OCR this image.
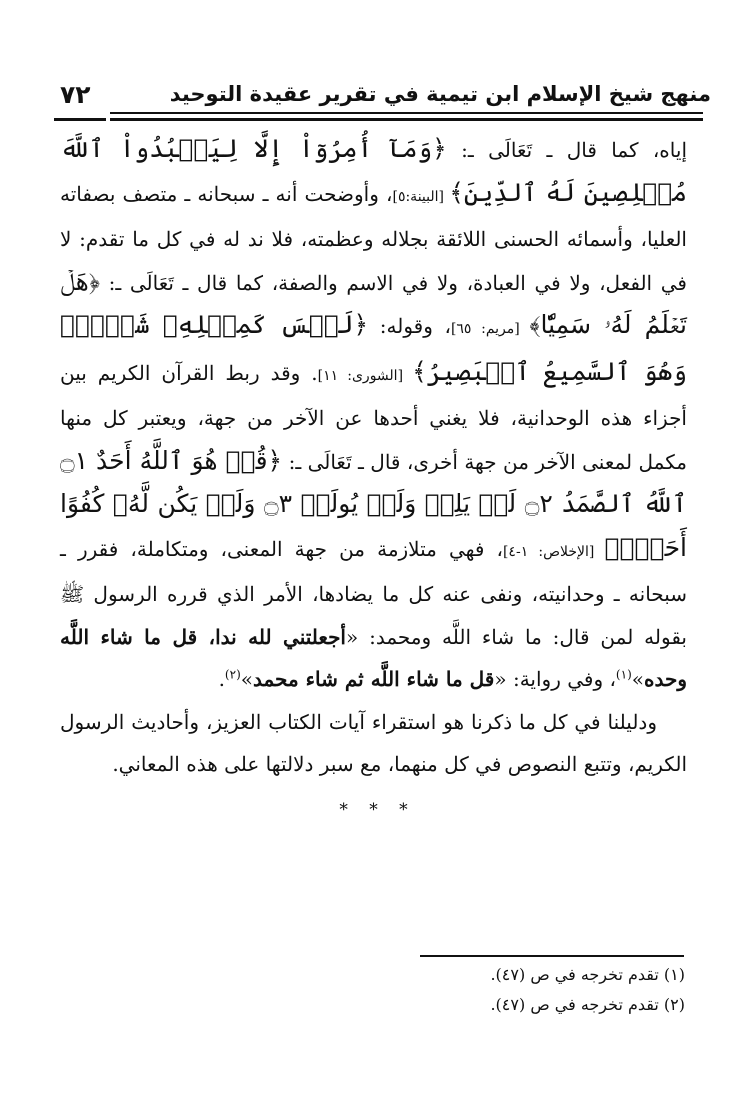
منهج شيخ الإسلام ابن تيمية في تقرير عقيدة التوحيد
٧٢

إياه، كما قال ـ تَعَالَى ـ: ﴿وَمَآ أُمِرُوٓاْ إِلَّا لِيَعۡبُدُواْ ٱللَّهَ مُخۡلِصِينَ لَهُ ٱلدِّينَ﴾ [البينة:٥]، وأوضحت أنه ـ سبحانه ـ متصف بصفاته العليا، وأسمائه الحسنى اللائقة بجلاله وعظمته، فلا ند له في كل ما تقدم: لا في الفعل، ولا في العبادة، ولا في الاسم والصفة، كما قال ـ تَعَالَى ـ: ﴿هَلۡ تَعۡلَمُ لَهُۥ سَمِيّٗا﴾ [مريم: ٦٥]، وقوله: ﴿لَيۡسَ كَمِثۡلِهِۦ شَيۡءٞۖ وَهُوَ ٱلسَّمِيعُ ٱلۡبَصِيرُ﴾ [الشورى: ١١]. وقد ربط القرآن الكريم بين أجزاء هذه الوحدانية، فلا يغني أحدها عن الآخر من جهة، ويعتبر كل منها مكمل لمعنى الآخر من جهة أخرى، قال ـ تَعَالَى ـ: ﴿قُلۡ هُوَ ٱللَّهُ أَحَدٌ ۝١ ٱللَّهُ ٱلصَّمَدُ ۝٢ لَمۡ يَلِدۡ وَلَمۡ يُولَدۡ ۝٣ وَلَمۡ يَكُن لَّهُۥ كُفُوًا أَحَدُۢ﴾ [الإخلاص: ١-٤]، فهي متلازمة من جهة المعنى، ومتكاملة، فقرر ـ سبحانه ـ وحدانيته، ونفى عنه كل ما يضادها، الأمر الذي قرره الرسول ﷺ بقوله لمن قال: ما شاء اللَّه ومحمد: «أجعلتني لله ندا، قل ما شاء اللَّه وحده»$^{(١)}$، وفي رواية: «قل ما شاء اللَّه ثم شاء محمد»$^{(٢)}$.

ودليلنا في كل ما ذكرنا هو استقراء آيات الكتاب العزيز، وأحاديث الرسول الكريم، وتتبع النصوص في كل منهما، مع سبر دلالتها على هذه المعاني.

* * *
(١) تقدم تخرجه في ص (٤٧).
(٢) تقدم تخرجه في ص (٤٧).
